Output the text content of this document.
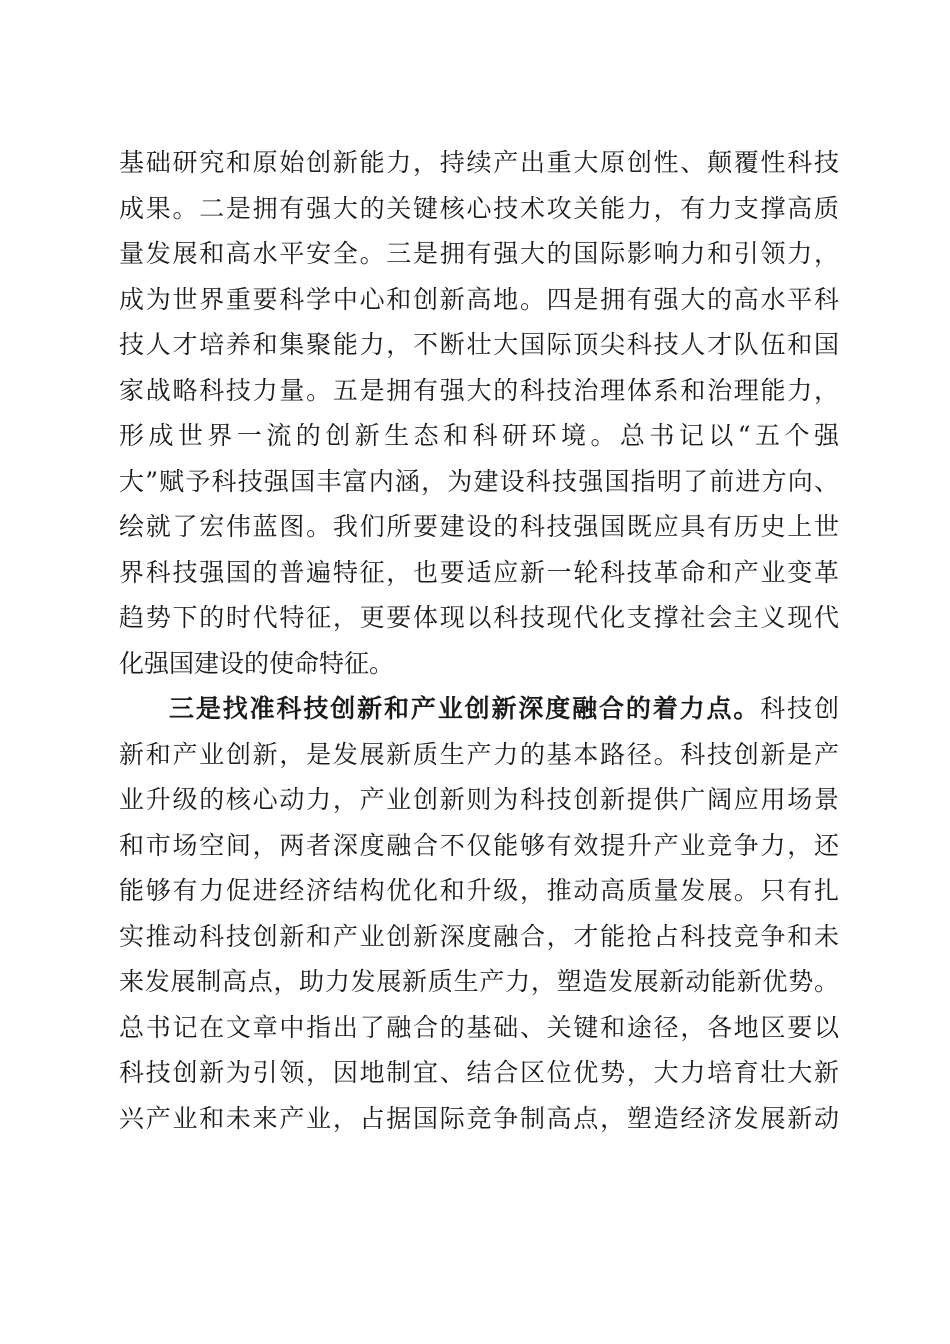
基础研究和原始创新能力，持续产出重大原创性、颠覆性科技
成果。二是拥有强大的关键核心技术攻关能力，有力支撑高质
量发展和高水平安全。三是拥有强大的国际影响力和引领力，
成为世界重要科学中心和创新高地。四是拥有强大的高水平科
技人才培养和集聚能力，不断壮大国际顶尖科技人才队伍和国
家战略科技力量。五是拥有强大的科技治理体系和治理能力，
形成世界一流的创新生态和科研环境。总书记以“五个强
大”赋予科技强国丰富内涵，为建设科技强国指明了前进方向、
绘就了宏伟蓝图。我们所要建设的科技强国既应具有历史上世
界科技强国的普遍特征，也要适应新一轮科技革命和产业变革
趋势下的时代特征，更要体现以科技现代化支撑社会主义现代
化强国建设的使命特征。
三是找准科技创新和产业创新深度融合的着力点。科技创
新和产业创新，是发展新质生产力的基本路径。科技创新是产
业升级的核心动力，产业创新则为科技创新提供广阔应用场景
和市场空间，两者深度融合不仅能够有效提升产业竞争力，还
能够有力促进经济结构优化和升级，推动高质量发展。只有扎
实推动科技创新和产业创新深度融合，才能抢占科技竞争和未
来发展制高点，助力发展新质生产力，塑造发展新动能新优势。
总书记在文章中指出了融合的基础、关键和途径，各地区要以
科技创新为引领，因地制宜、结合区位优势，大力培育壮大新
兴产业和未来产业，占据国际竞争制高点，塑造经济发展新动
